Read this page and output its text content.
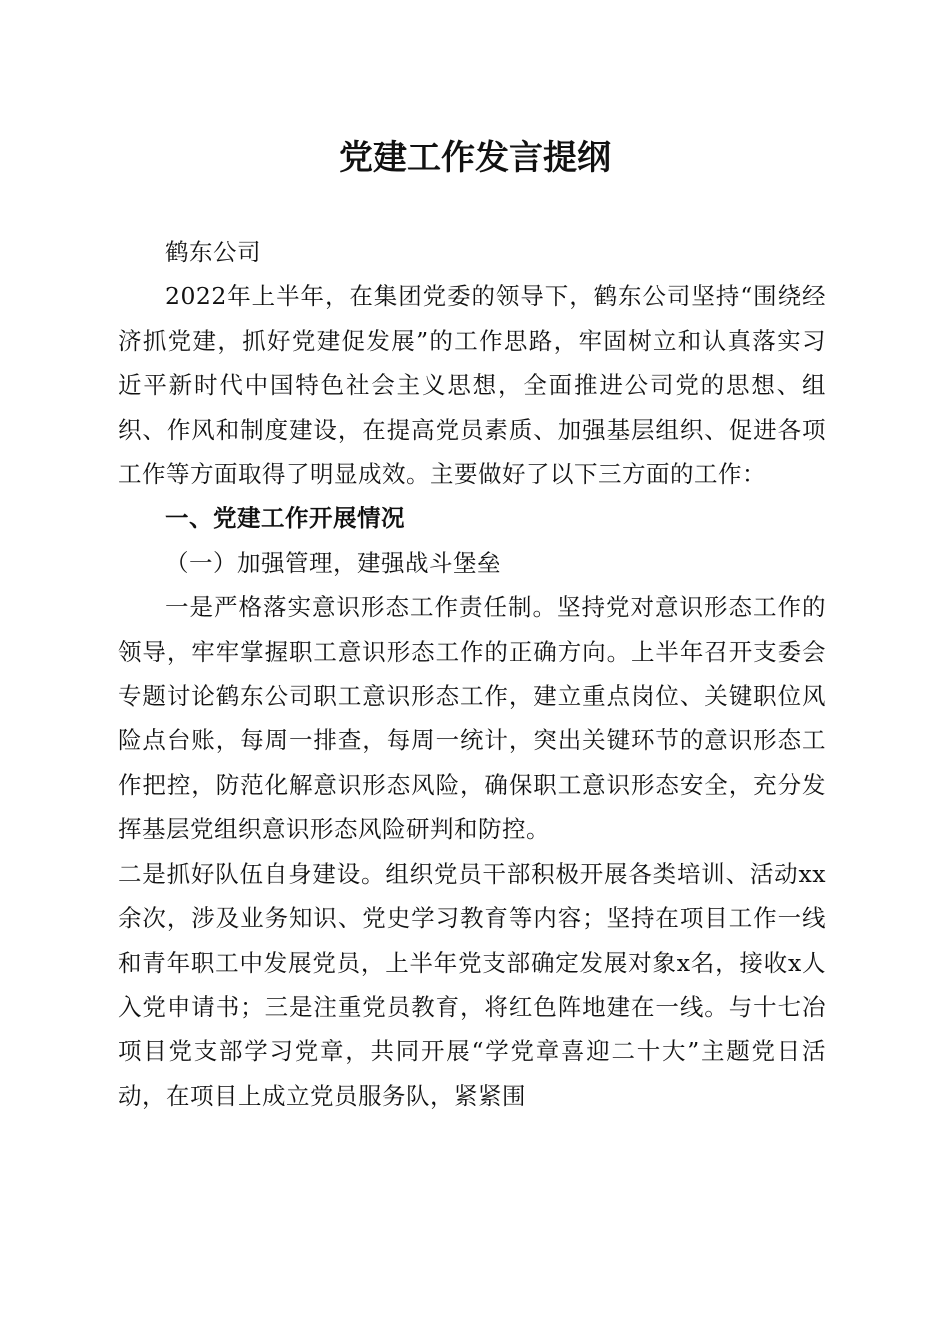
党建工作发言提纲

鹤东公司

2022年上半年，在集团党委的领导下，鹤东公司坚持“围绕经济抓党建，抓好党建促发展”的工作思路，牢固树立和认真落实习近平新时代中国特色社会主义思想，全面推进公司党的思想、组织、作风和制度建设，在提高党员素质、加强基层组织、促进各项工作等方面取得了明显成效。主要做好了以下三方面的工作：

一、党建工作开展情况

（一）加强管理，建强战斗堡垒

一是严格落实意识形态工作责任制。坚持党对意识形态工作的领导，牢牢掌握职工意识形态工作的正确方向。上半年召开支委会专题讨论鹤东公司职工意识形态工作，建立重点岗位、关键职位风险点台账，每周一排查，每周一统计，突出关键环节的意识形态工作把控，防范化解意识形态风险，确保职工意识形态安全，充分发挥基层党组织意识形态风险研判和防控。

二是抓好队伍自身建设。组织党员干部积极开展各类培训、活动xx余次，涉及业务知识、党史学习教育等内容；坚持在项目工作一线和青年职工中发展党员，上半年党支部确定发展对象x名，接收x人入党申请书；三是注重党员教育，将红色阵地建在一线。与十七冶项目党支部学习党章，共同开展“学党章喜迎二十大”主题党日活动，在项目上成立党员服务队，紧紧围
